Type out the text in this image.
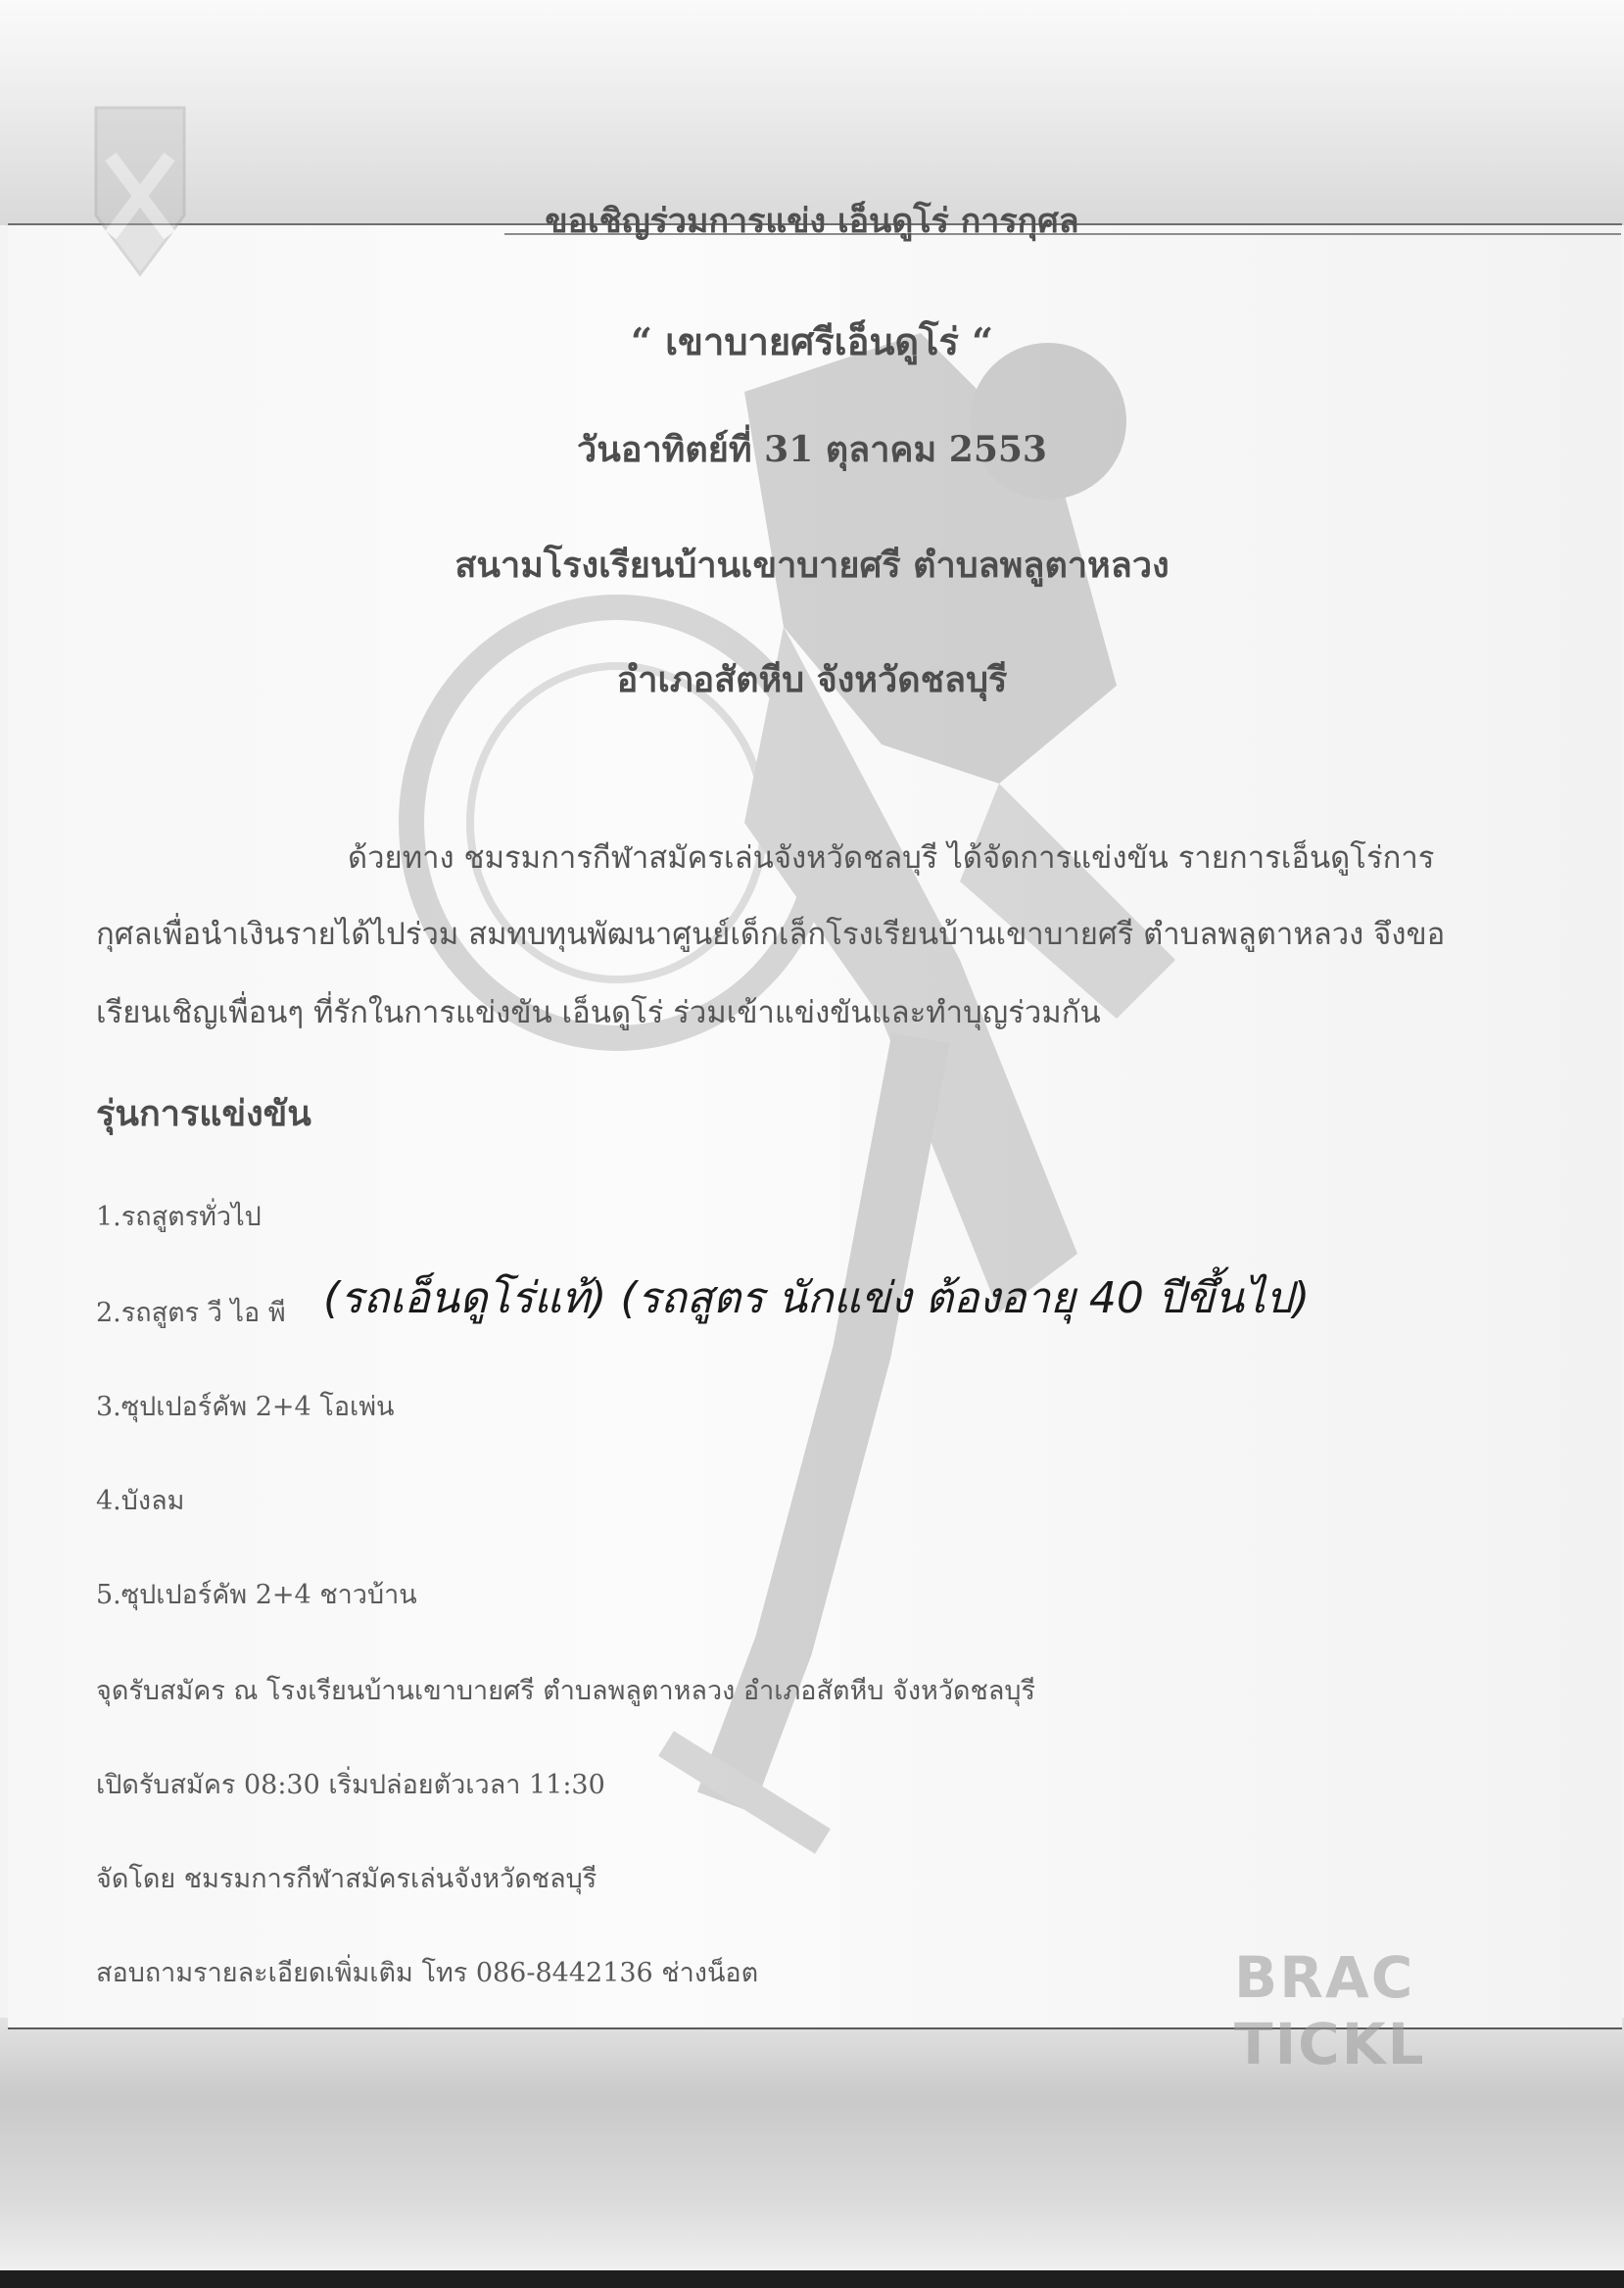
ขอเชิญร่วมการแข่ง เอ็นดูโร่ การกุศล
“ เขาบายศรีเอ็นดูโร่ “
วันอาทิตย์ที่ 31 ตุลาคม 2553
สนามโรงเรียนบ้านเขาบายศรี ตำบลพลูตาหลวง
อำเภอสัตหีบ จังหวัดชลบุรี
ด้วยทาง ชมรมการกีฬาสมัครเล่นจังหวัดชลบุรี ได้จัดการแข่งขัน รายการเอ็นดูโร่การ
กุศลเพื่อนำเงินรายได้ไปร่วม สมทบทุนพัฒนาศูนย์เด็กเล็กโรงเรียนบ้านเขาบายศรี ตำบลพลูตาหลวง จึงขอ
เรียนเชิญเพื่อนๆ ที่รักในการแข่งขัน เอ็นดูโร่ ร่วมเข้าแข่งขันและทำบุญร่วมกัน
รุ่นการแข่งขัน
1.รถสูตรทั่วไป
2.รถสูตร วี ไอ พี (รถเอ็นดูโร่แท้) (รถสูตร นักแข่ง ต้องอายุ 40 ปีขึ้นไป)
3.ซุปเปอร์คัพ 2+4 โอเพ่น
4.บังลม
5.ซุปเปอร์คัพ 2+4 ชาวบ้าน
จุดรับสมัคร ณ โรงเรียนบ้านเขาบายศรี ตำบลพลูตาหลวง อำเภอสัตหีบ จังหวัดชลบุรี
เปิดรับสมัคร 08:30 เริ่มปล่อยตัวเวลา 11:30
จัดโดย ชมรมการกีฬาสมัครเล่นจังหวัดชลบุรี
สอบถามรายละเอียดเพิ่มเติม โทร 086-8442136 ช่างน็อต	BRAC TICKL
